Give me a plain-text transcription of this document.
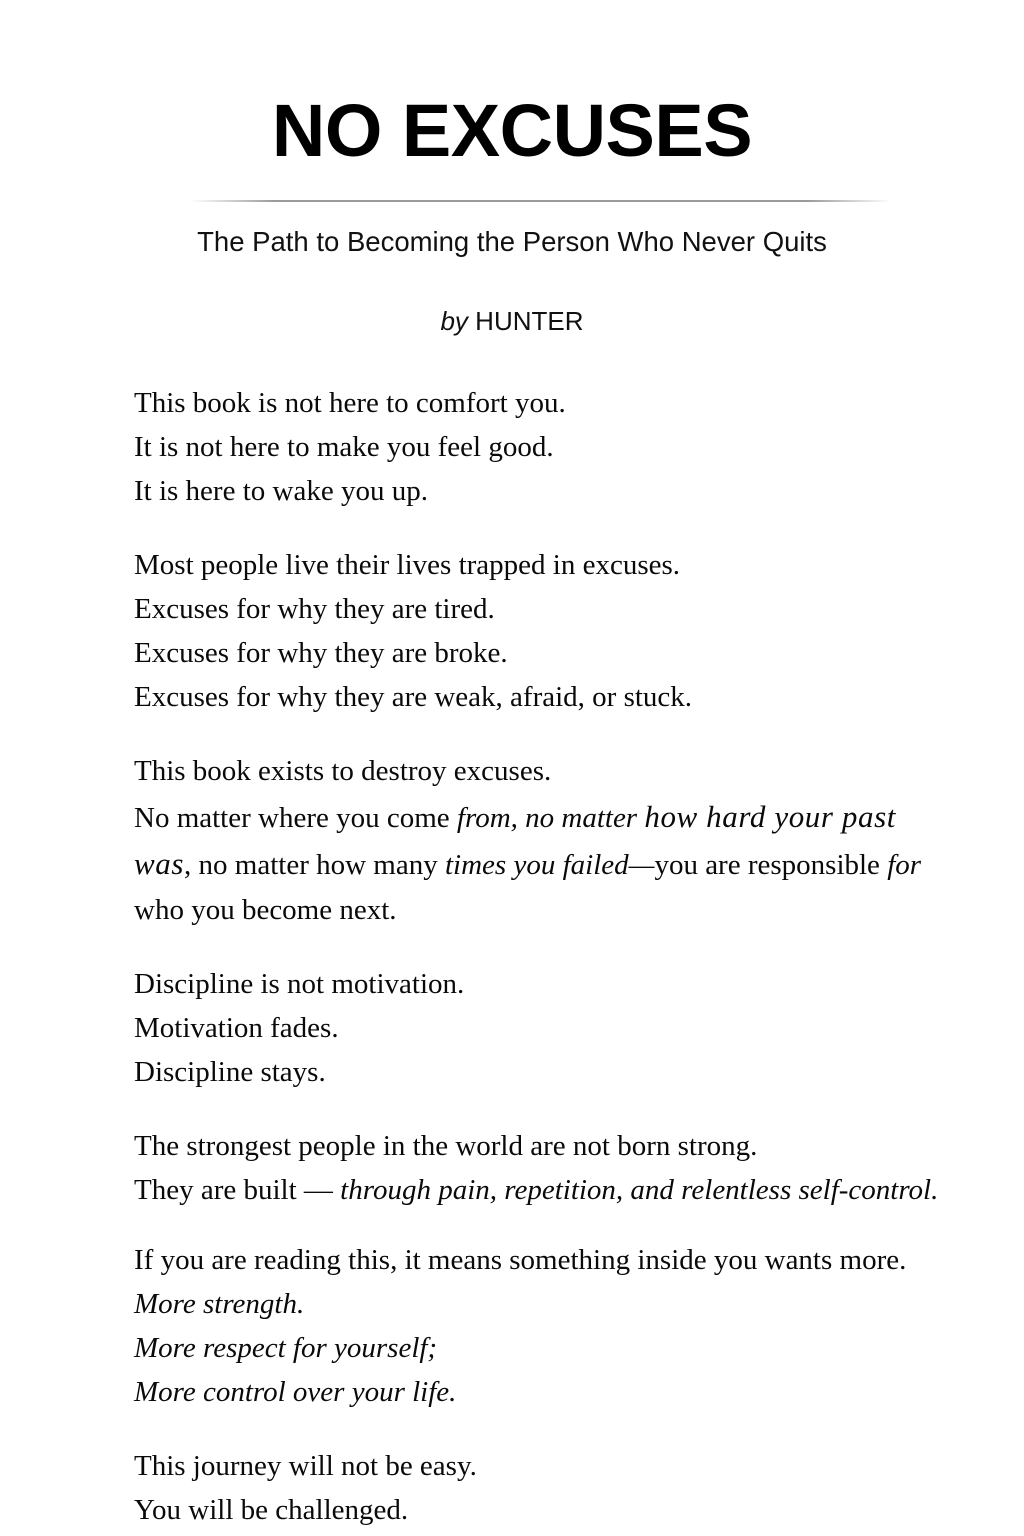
NO EXCUSES
The Path to Becoming the Person Who Never Quits
by HUNTER

This book is not here to comfort you.
It is not here to make you feel good.
It is here to wake you up.

Most people live their lives trapped in excuses.
Excuses for why they are tired.
Excuses for why they are broke.
Excuses for why they are weak, afraid, or stuck.

This book exists to destroy excuses.
No matter where you come from, no matter how hard your past was, no matter how many times you failed—you are responsible for who you become next.

Discipline is not motivation.
Motivation fades.
Discipline stays.

The strongest people in the world are not born strong.
They are built — through pain, repetition, and relentless self-control.

If you are reading this, it means something inside you wants more. More strength.
More respect for yourself;
More control over your life.

This journey will not be easy.
You will be challenged.
